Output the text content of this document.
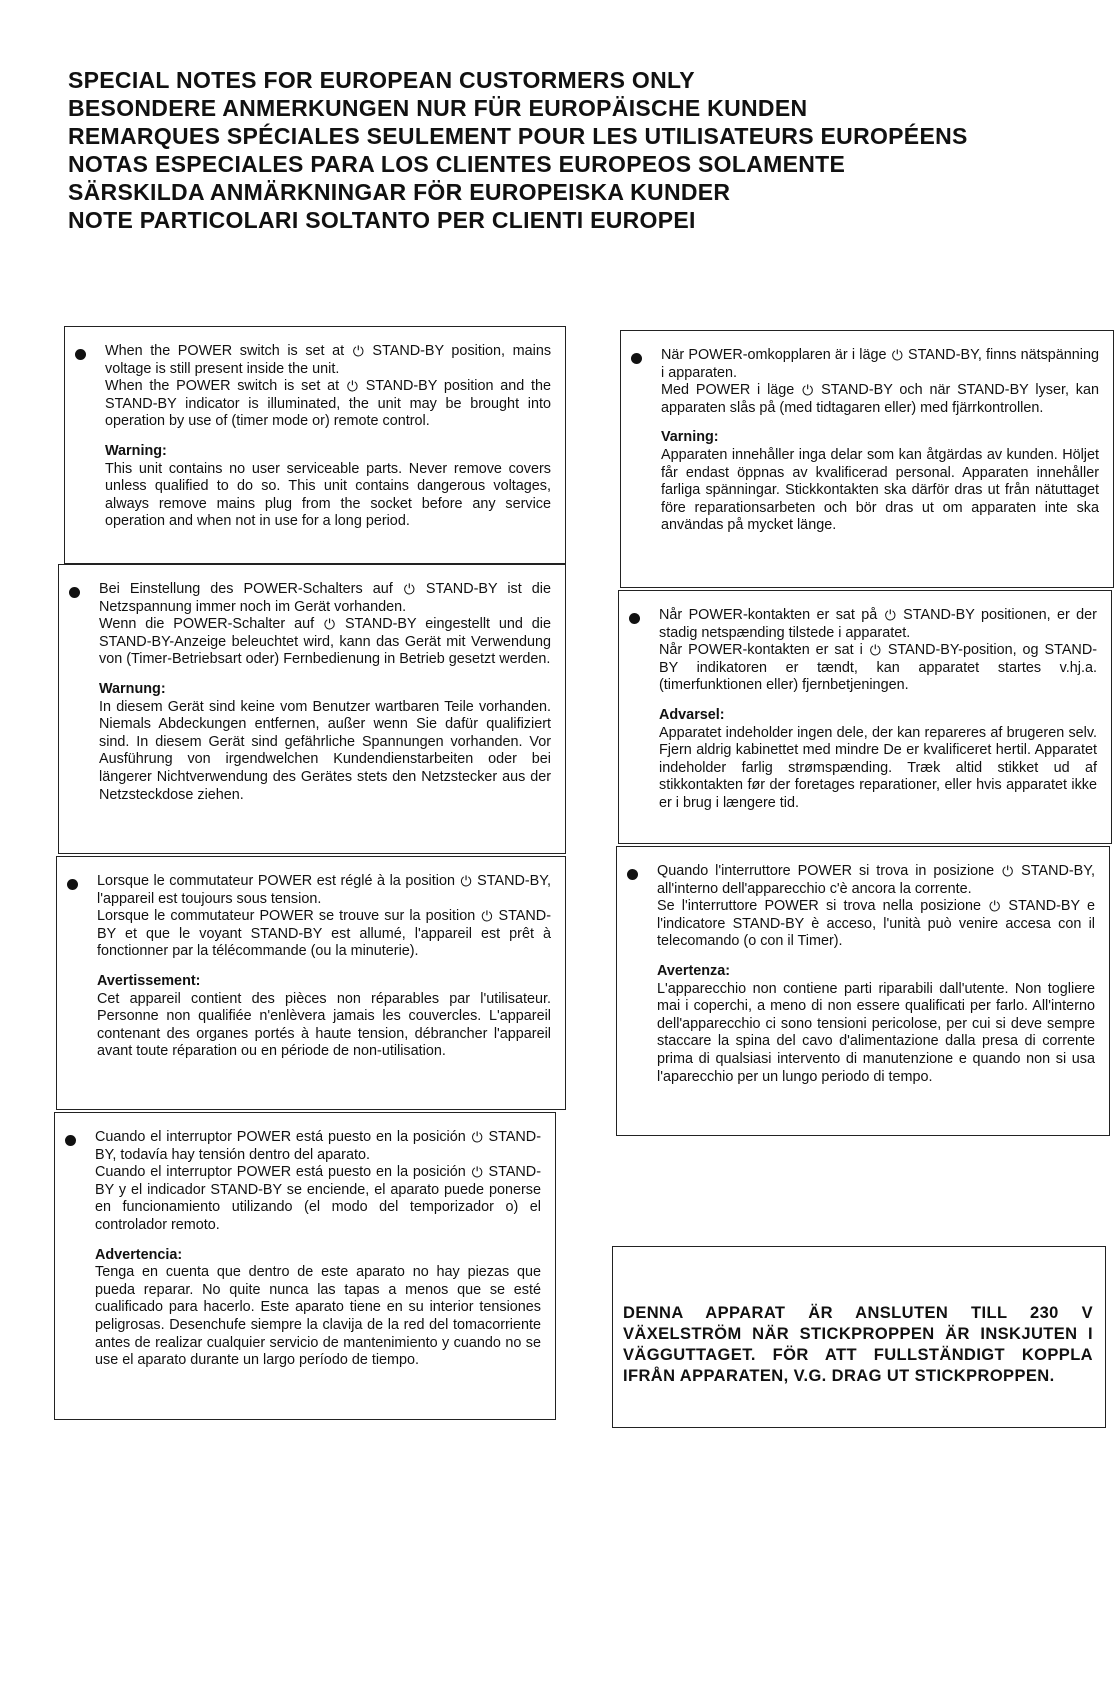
SPECIAL NOTES FOR EUROPEAN CUSTORMERS ONLY
BESONDERE ANMERKUNGEN NUR FÜR EUROPÄISCHE KUNDEN
REMARQUES SPÉCIALES SEULEMENT POUR LES UTILISATEURS EUROPÉENS
NOTAS ESPECIALES PARA LOS CLIENTES EUROPEOS SOLAMENTE
SÄRSKILDA ANMÄRKNINGAR FÖR EUROPEISKA KUNDER
NOTE PARTICOLARI SOLTANTO PER CLIENTI EUROPEI

When the POWER switch is set at ⏻ STAND-BY position, mains voltage is still present inside the unit.

When the POWER switch is set at ⏻ STAND-BY position and the STAND-BY indicator is illuminated, the unit may be brought into operation by use of (timer mode or) remote control.

Warning:

This unit contains no user serviceable parts. Never remove covers unless qualified to do so. This unit contains dangerous voltages, always remove mains plug from the socket before any service operation and when not in use for a long period.

Bei Einstellung des POWER-Schalters auf ⏻ STAND-BY ist die Netzspannung immer noch im Gerät vorhanden.

Wenn die POWER-Schalter auf ⏻ STAND-BY eingestellt und die STAND-BY-Anzeige beleuchtet wird, kann das Gerät mit Verwendung von (Timer-Betriebsart oder) Fernbedienung in Betrieb gesetzt werden.

Warnung:

In diesem Gerät sind keine vom Benutzer wartbaren Teile vorhanden. Niemals Abdeckungen entfernen, außer wenn Sie dafür qualifiziert sind. In diesem Gerät sind gefährliche Spannungen vorhanden. Vor Ausführung von irgendwelchen Kundendienstarbeiten oder bei längerer Nichtverwendung des Gerätes stets den Netzstecker aus der Netzsteckdose ziehen.

Lorsque le commutateur POWER est réglé à la position ⏻ STAND-BY, l'appareil est toujours sous tension.

Lorsque le commutateur POWER se trouve sur la position ⏻ STAND-BY et que le voyant STAND-BY est allumé, l'appareil est prêt à fonctionner par la télécommande (ou la minuterie).

Avertissement:

Cet appareil contient des pièces non réparables par l'utilisateur. Personne non qualifiée n'enlèvera jamais les couvercles. L'appareil contenant des organes portés à haute tension, débrancher l'appareil avant toute réparation ou en période de non-utilisation.

Cuando el interruptor POWER está puesto en la posición ⏻ STAND-BY, todavía hay tensión dentro del aparato.

Cuando el interruptor POWER está puesto en la posición ⏻ STAND-BY y el indicador STAND-BY se enciende, el aparato puede ponerse en funcionamiento utilizando (el modo del temporizador o) el controlador remoto.

Advertencia:

Tenga en cuenta que dentro de este aparato no hay piezas que pueda reparar. No quite nunca las tapas a menos que se esté cualificado para hacerlo. Este aparato tiene en su interior tensiones peligrosas. Desenchufe siempre la clavija de la red del tomacorriente antes de realizar cualquier servicio de mantenimiento y cuando no se use el aparato durante un largo período de tiempo.

När POWER-omkopplaren är i läge ⏻ STAND-BY, finns nätspänning i apparaten.

Med POWER i läge ⏻ STAND-BY och när STAND-BY lyser, kan apparaten slås på (med tidtagaren eller) med fjärrkontrollen.

Varning:

Apparaten innehåller inga delar som kan åtgärdas av kunden. Höljet får endast öppnas av kvalificerad personal. Apparaten innehåller farliga spänningar. Stickkontakten ska därför dras ut från nätuttaget före reparationsarbeten och bör dras ut om apparaten inte ska användas på mycket länge.

Når POWER-kontakten er sat på ⏻ STAND-BY positionen, er der stadig netspænding tilstede i apparatet.

Når POWER-kontakten er sat i ⏻ STAND-BY-position, og STAND-BY indikatoren er tændt, kan apparatet startes v.hj.a. (timerfunktionen eller) fjernbetjeningen.

Advarsel:

Apparatet indeholder ingen dele, der kan repareres af brugeren selv. Fjern aldrig kabinettet med mindre De er kvalificeret hertil. Apparatet indeholder farlig strømspænding. Træk altid stikket ud af stikkontakten før der foretages reparationer, eller hvis apparatet ikke er i brug i længere tid.

Quando l'interruttore POWER si trova in posizione ⏻ STAND-BY, all'interno dell'apparecchio c'è ancora la corrente.

Se l'interruttore POWER si trova nella posizione ⏻ STAND-BY e l'indicatore STAND-BY è acceso, l'unità può venire accesa con il telecomando (o con il Timer).

Avertenza:

L'apparecchio non contiene parti riparabili dall'utente. Non togliere mai i coperchi, a meno di non essere qualificati per farlo. All'interno dell'apparecchio ci sono tensioni pericolose, per cui si deve sempre staccare la spina del cavo d'alimentazione dalla presa di corrente prima di qualsiasi intervento di manutenzione e quando non si usa l'aparecchio per un lungo periodo di tempo.

DENNA APPARAT ÄR ANSLUTEN TILL 230 V VÄXELSTRÖM NÄR STICKPROPPEN ÄR INSKJUTEN I VÄGGUTTAGET. FÖR ATT FULLSTÄNDIGT KOPPLA IFRÅN APPARATEN, V.G. DRAG UT STICKPROPPEN.
